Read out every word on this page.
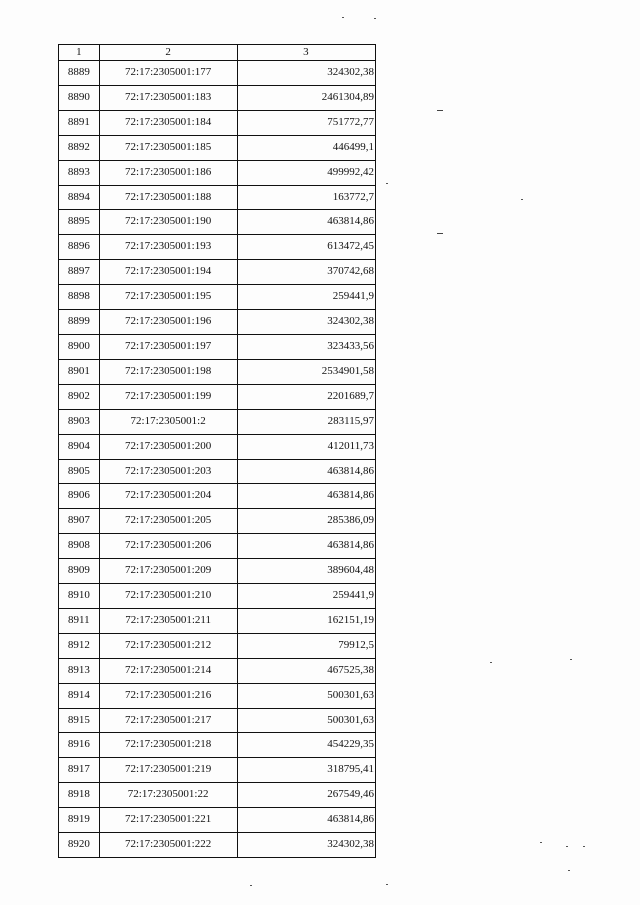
1	2	3
8889	72:17:2305001:177	324302,38
8890	72:17:2305001:183	2461304,89
8891	72:17:2305001:184	751772,77
8892	72:17:2305001:185	446499,1
8893	72:17:2305001:186	499992,42
8894	72:17:2305001:188	163772,7
8895	72:17:2305001:190	463814,86
8896	72:17:2305001:193	613472,45
8897	72:17:2305001:194	370742,68
8898	72:17:2305001:195	259441,9
8899	72:17:2305001:196	324302,38
8900	72:17:2305001:197	323433,56
8901	72:17:2305001:198	2534901,58
8902	72:17:2305001:199	2201689,7
8903	72:17:2305001:2	283115,97
8904	72:17:2305001:200	412011,73
8905	72:17:2305001:203	463814,86
8906	72:17:2305001:204	463814,86
8907	72:17:2305001:205	285386,09
8908	72:17:2305001:206	463814,86
8909	72:17:2305001:209	389604,48
8910	72:17:2305001:210	259441,9
8911	72:17:2305001:211	162151,19
8912	72:17:2305001:212	79912,5
8913	72:17:2305001:214	467525,38
8914	72:17:2305001:216	500301,63
8915	72:17:2305001:217	500301,63
8916	72:17:2305001:218	454229,35
8917	72:17:2305001:219	318795,41
8918	72:17:2305001:22	267549,46
8919	72:17:2305001:221	463814,86
8920	72:17:2305001:222	324302,38
